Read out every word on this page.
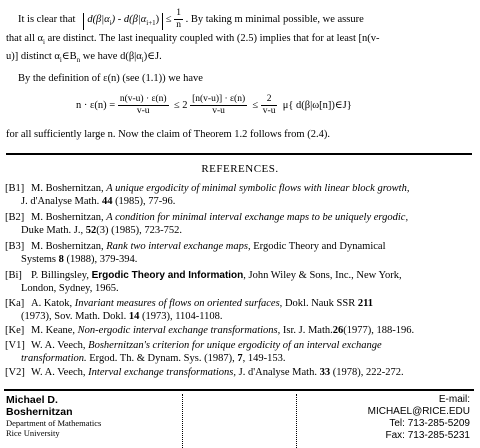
It is clear that $d(\beta|\alpha_i) - d(\beta|\alpha_{i+1}) \le \frac{1}{n}$ . By taking m minimal possible, we assure
that all $\alpha_i$ are distinct. The last inequality coupled with (2.5) implies that for at least [n(v-
u)] distinct $\alpha_i\in B_n$ we have $d(\beta|\alpha_i)\in J$.
By the definition of ε(n) (see (1.1)) we have
$n \cdot \varepsilon(n) = \frac{n(v-u) \cdot \varepsilon(n)}{v-u} \le 2 \frac{[n(v-u)] \cdot \varepsilon(n)}{v-u} \le \frac{2}{v-u} \mu${ d(β|ω[n])∈J}
for all sufficiently large n. Now the claim of Theorem 1.2 follows from (2.4).
REFERENCES.
[B1] M. Boshernitzan, A unique ergodicity of minimal symbolic flows with linear block growth,
J. d'Analyse Math. 44 (1985), 77-96.
[B2] M. Boshernitzan, A condition for minimal interval exchange maps to be uniquely ergodic,
Duke Math. J., 52(3) (1985), 723-752.
[B3] M. Boshernitzan, Rank two interval exchange maps, Ergodic Theory and Dynamical
Systems 8 (1988), 379-394.
[Bi] P. Billingsley, Ergodic Theory and Information, John Wiley & Sons, Inc., New York,
London, Sydney, 1965.
[Ka] A. Katok, Invariant measures of flows on oriented surfaces, Dokl. Nauk SSR 211
(1973), Sov. Math. Dokl. 14 (1973), 1104-1108.
[Ke] M. Keane, Non-ergodic interval exchange transformations, Isr. J. Math.26(1977), 188-196.
[V1] W. A. Veech, Boshernitzan's criterion for unique ergodicity of an interval exchange
transformation. Ergod. Th. & Dynam. Sys. (1987), 7, 149-153.
[V2] W. A. Veech, Interval exchange transformations, J. d'Analyse Math. 33 (1978), 222-272.
Michael D.
Boshernitzan
Department of Mathematics
Rice University
E-mail:
MICHAEL@RICE.EDU
Tel: 713-285-5209
Fax: 713-285-5231
